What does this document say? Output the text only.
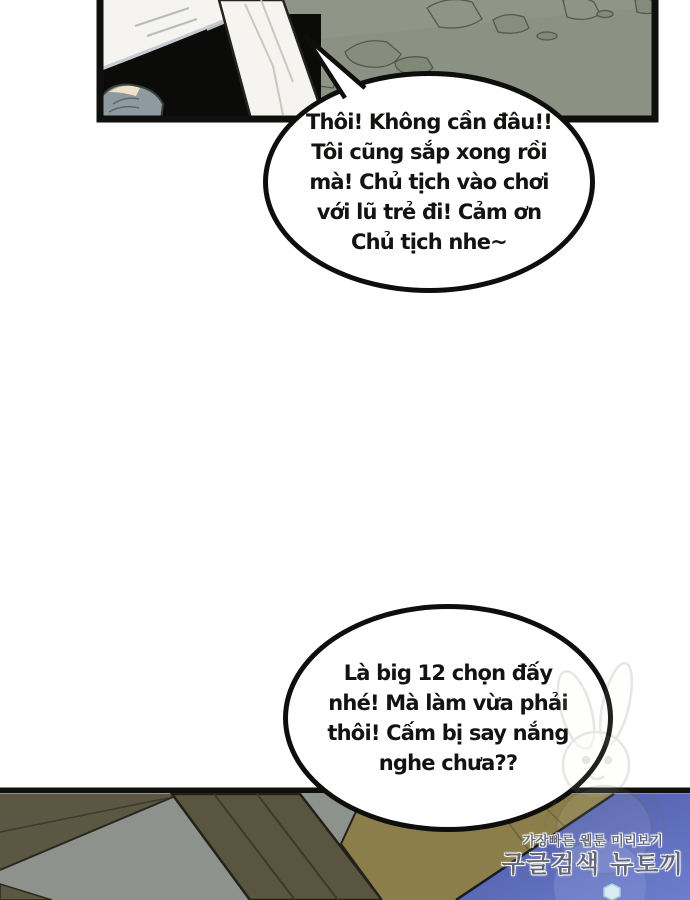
Thôi! Không cần đâu!!
Tôi cũng sắp xong rồi
mà! Chủ tịch vào chơi
với lũ trẻ đi! Cảm ơn
Chủ tịch nhe~
Là big 12 chọn đấy
nhé! Mà làm vừa phải
thôi! Cấm bị say nắng
nghe chưa??
가장빠른 웹툰 미리보기
구글검색 뉴토끼
